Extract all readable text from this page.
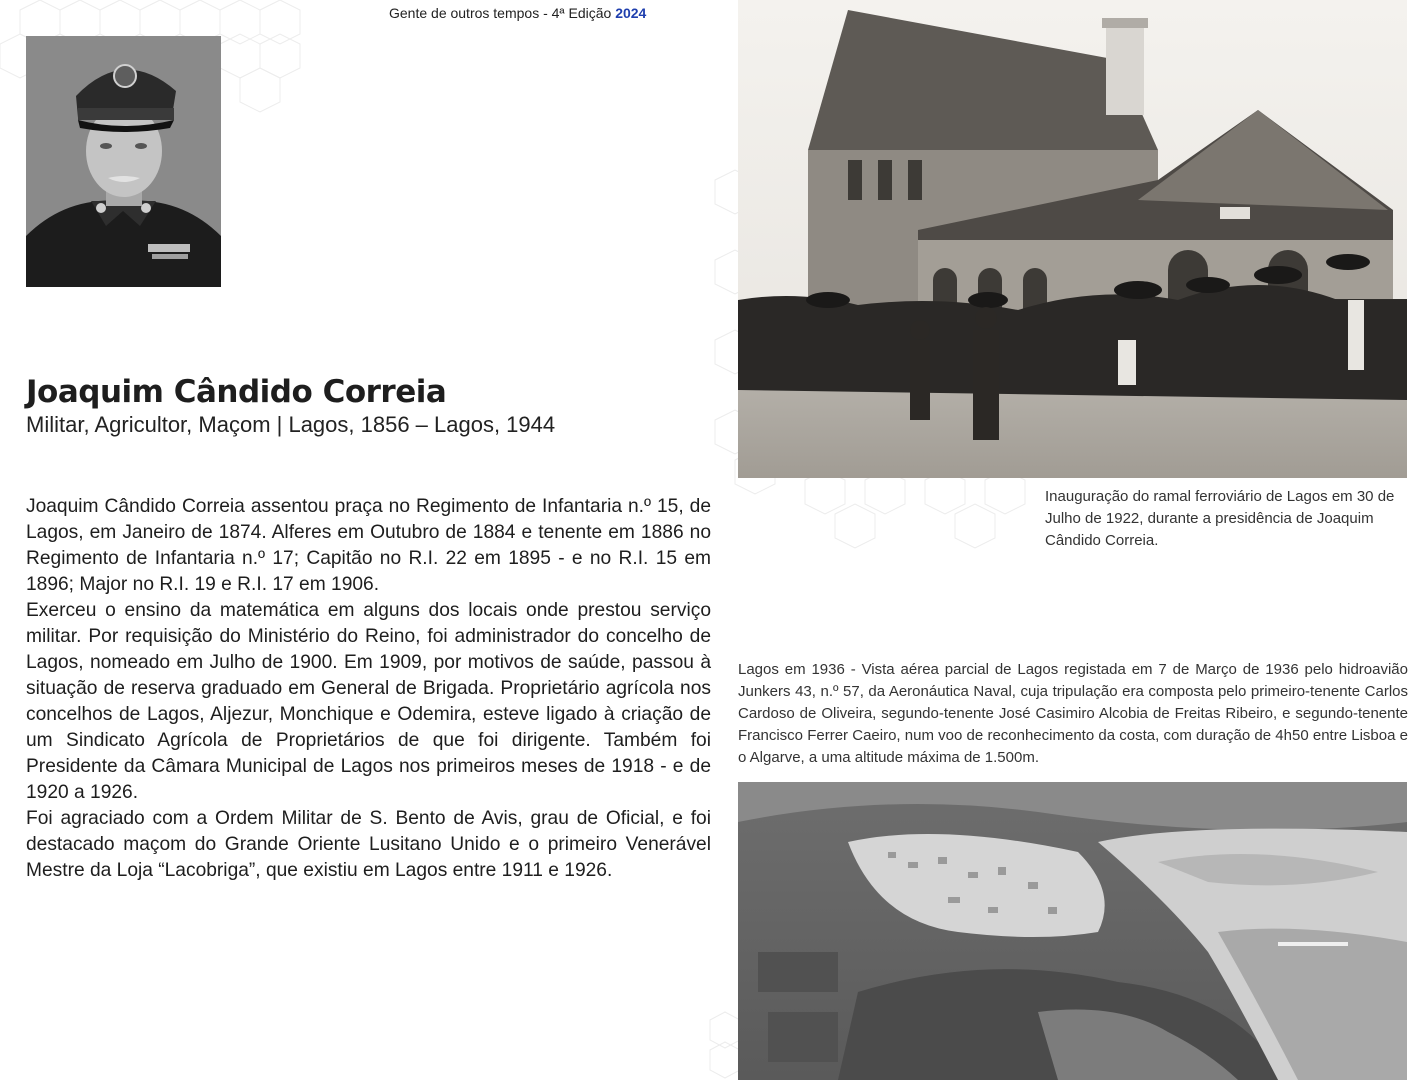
Gente de outros tempos - 4ª Edição 2024
Joaquim Cândido Correia
Militar, Agricultor, Maçom | Lagos, 1856 – Lagos, 1944

Joaquim Cândido Correia assentou praça no Regimento de Infantaria n.º 15, de Lagos, em Janeiro de 1874. Alferes em Outubro de 1884 e tenente em 1886 no Regimento de Infantaria n.º 17; Capitão no R.I. 22 em 1895 - e no R.I. 15 em 1896; Major no R.I. 19 e R.I. 17 em 1906.

Exerceu o ensino da matemática em alguns dos locais onde prestou serviço militar. Por requisição do Ministério do Reino, foi administrador do concelho de Lagos, nomeado em Julho de 1900. Em 1909, por motivos de saúde, passou à situação de reserva graduado em General de Brigada. Proprietário agrícola nos concelhos de Lagos, Aljezur, Monchique e Odemira, esteve ligado à criação de um Sindicato Agrícola de Proprietários de que foi dirigente. Também foi Presidente da Câmara Municipal de Lagos nos primeiros meses de 1918 - e de 1920 a 1926.

Foi agraciado com a Ordem Militar de S. Bento de Avis, grau de Oficial, e foi destacado maçom do Grande Oriente Lusitano Unido e o primeiro Venerável Mestre da Loja “Lacobriga”, que existiu em Lagos entre 1911 e 1926.

Inauguração do ramal ferroviário de Lagos em 30 de Julho de 1922, durante a presidência de Joaquim Cândido Correia.
Lagos em 1936 - Vista aérea parcial de Lagos registada em 7 de Março de 1936 pelo hidroavião Junkers 43, n.º 57, da Aeronáutica Naval, cuja tripulação era composta pelo primeiro-tenente Carlos Cardoso de Oliveira, segundo-tenente José Casimiro Alcobia de Freitas Ribeiro, e segundo-tenente Francisco Ferrer Caeiro, num voo de reconhecimento da costa, com duração de 4h50 entre Lisboa e o Algarve, a uma altitude máxima de 1.500m.
